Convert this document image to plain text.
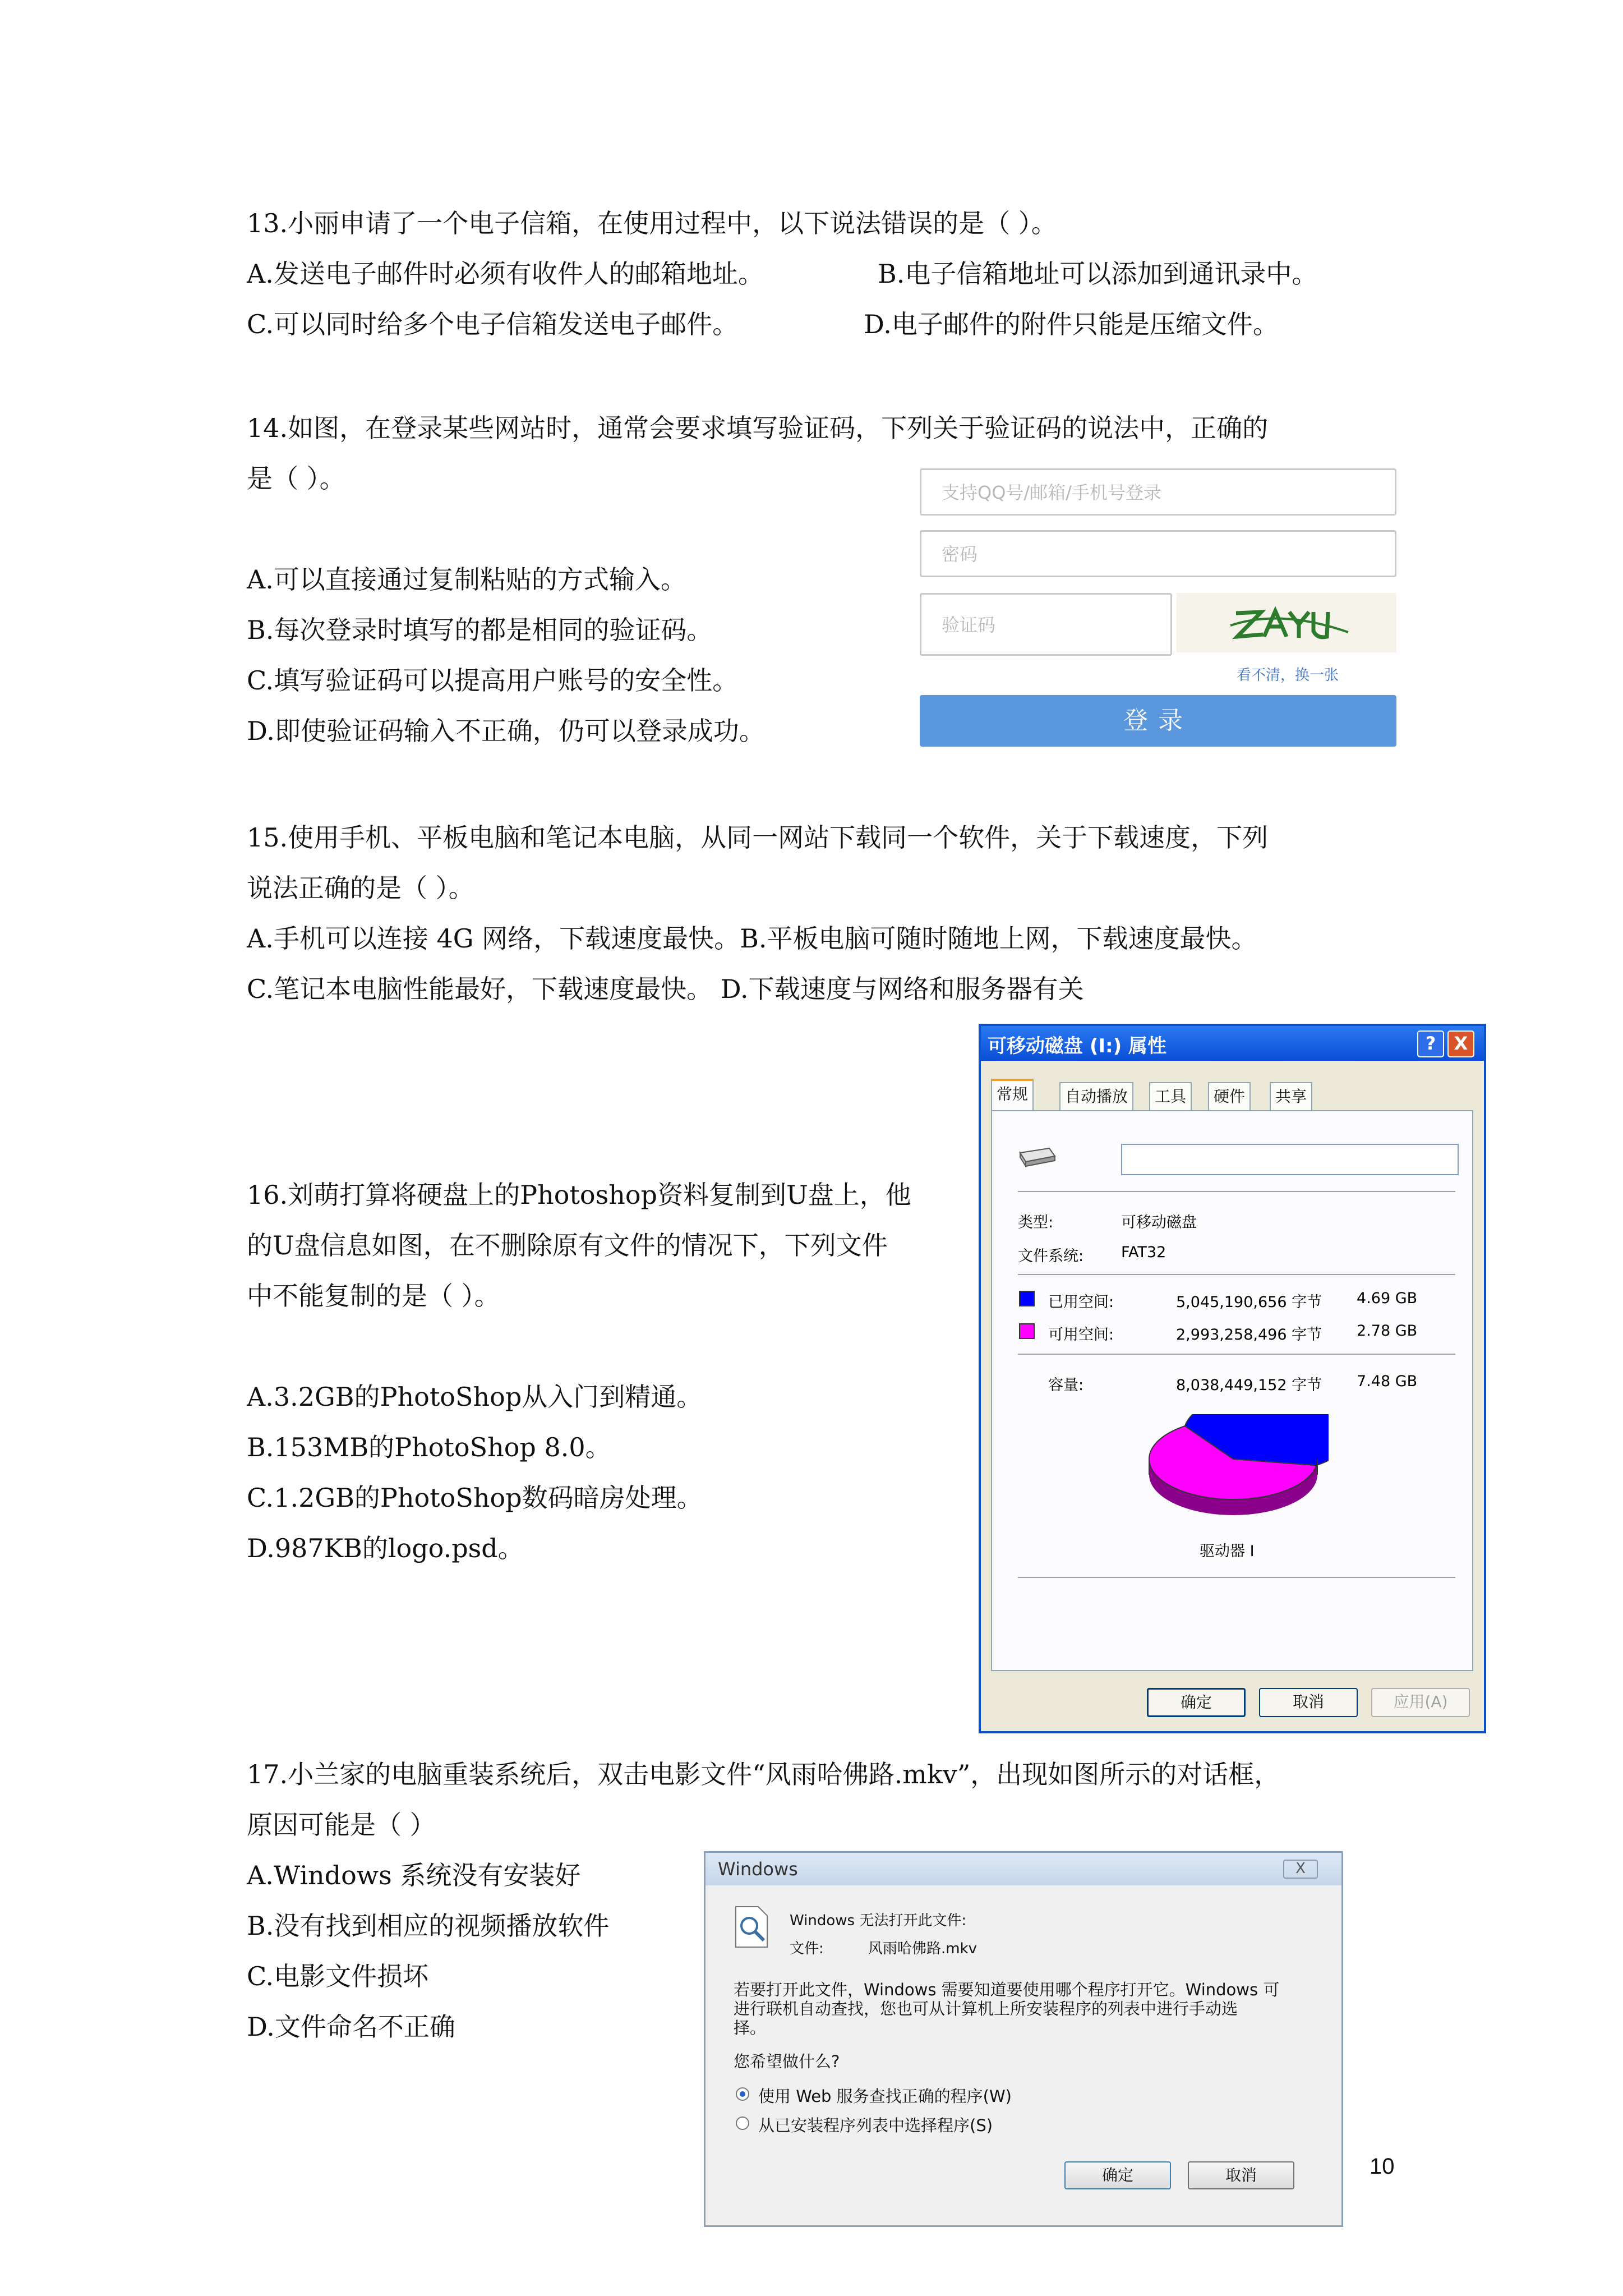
13.小丽申请了一个电子信箱，在使用过程中，以下说法错误的是（ ）。
A.发送电子邮件时必须有收件人的邮箱地址。	B.电子信箱地址可以添加到通讯录中。
C.可以同时给多个电子信箱发送电子邮件。	D.电子邮件的附件只能是压缩文件。
14.如图，在登录某些网站时，通常会要求填写验证码，下列关于验证码的说法中，正确的
是（ ）。
A.可以直接通过复制粘贴的方式输入。
B.每次登录时填写的都是相同的验证码。
C.填写验证码可以提高用户账号的安全性。
D.即使验证码输入不正确，仍可以登录成功。
支持QQ号/邮箱/手机号登录
密码
验证码
看不清，换一张
登录
15.使用手机、平板电脑和笔记本电脑，从同一网站下载同一个软件，关于下载速度，下列
说法正确的是（ ）。
A.手机可以连接 4G 网络，下载速度最快。B.平板电脑可随时随地上网，下载速度最快。
C.笔记本电脑性能最好，下载速度最快。 D.下载速度与网络和服务器有关
16.刘萌打算将硬盘上的Photoshop资料复制到U盘上，他
的U盘信息如图，在不删除原有文件的情况下，下列文件
中不能复制的是（ ）。
A.3.2GB的PhotoShop从入门到精通。
B.153MB的PhotoShop 8.0。
C.1.2GB的PhotoShop数码暗房处理。
D.987KB的logo.psd。
可移动磁盘 (I:) 属性	?	X
常规	自动播放	工具	硬件	共享
类型:	可移动磁盘
文件系统: FAT32
已用空间:	5,045,190,656 字节 4.69 GB
可用空间:	2,993,258,496 字节 2.78 GB
容量:	8,038,449,152 字节 7.48 GB
驱动器 I
确定	取消	应用(A)
17.小兰家的电脑重装系统后，双击电影文件“风雨哈佛路.mkv”，出现如图所示的对话框，
原因可能是（ ）
A.Windows 系统没有安装好
B.没有找到相应的视频播放软件
C.电影文件损坏
D.文件命名不正确
Windows	X
Windows 无法打开此文件:
文件:	风雨哈佛路.mkv
若要打开此文件，Windows 需要知道要使用哪个程序打开它。Windows 可
进行联机自动查找，您也可从计算机上所安装程序的列表中进行手动选
择。
您希望做什么?
使用 Web 服务查找正确的程序(W)
从已安装程序列表中选择程序(S)
确定	取消	10
